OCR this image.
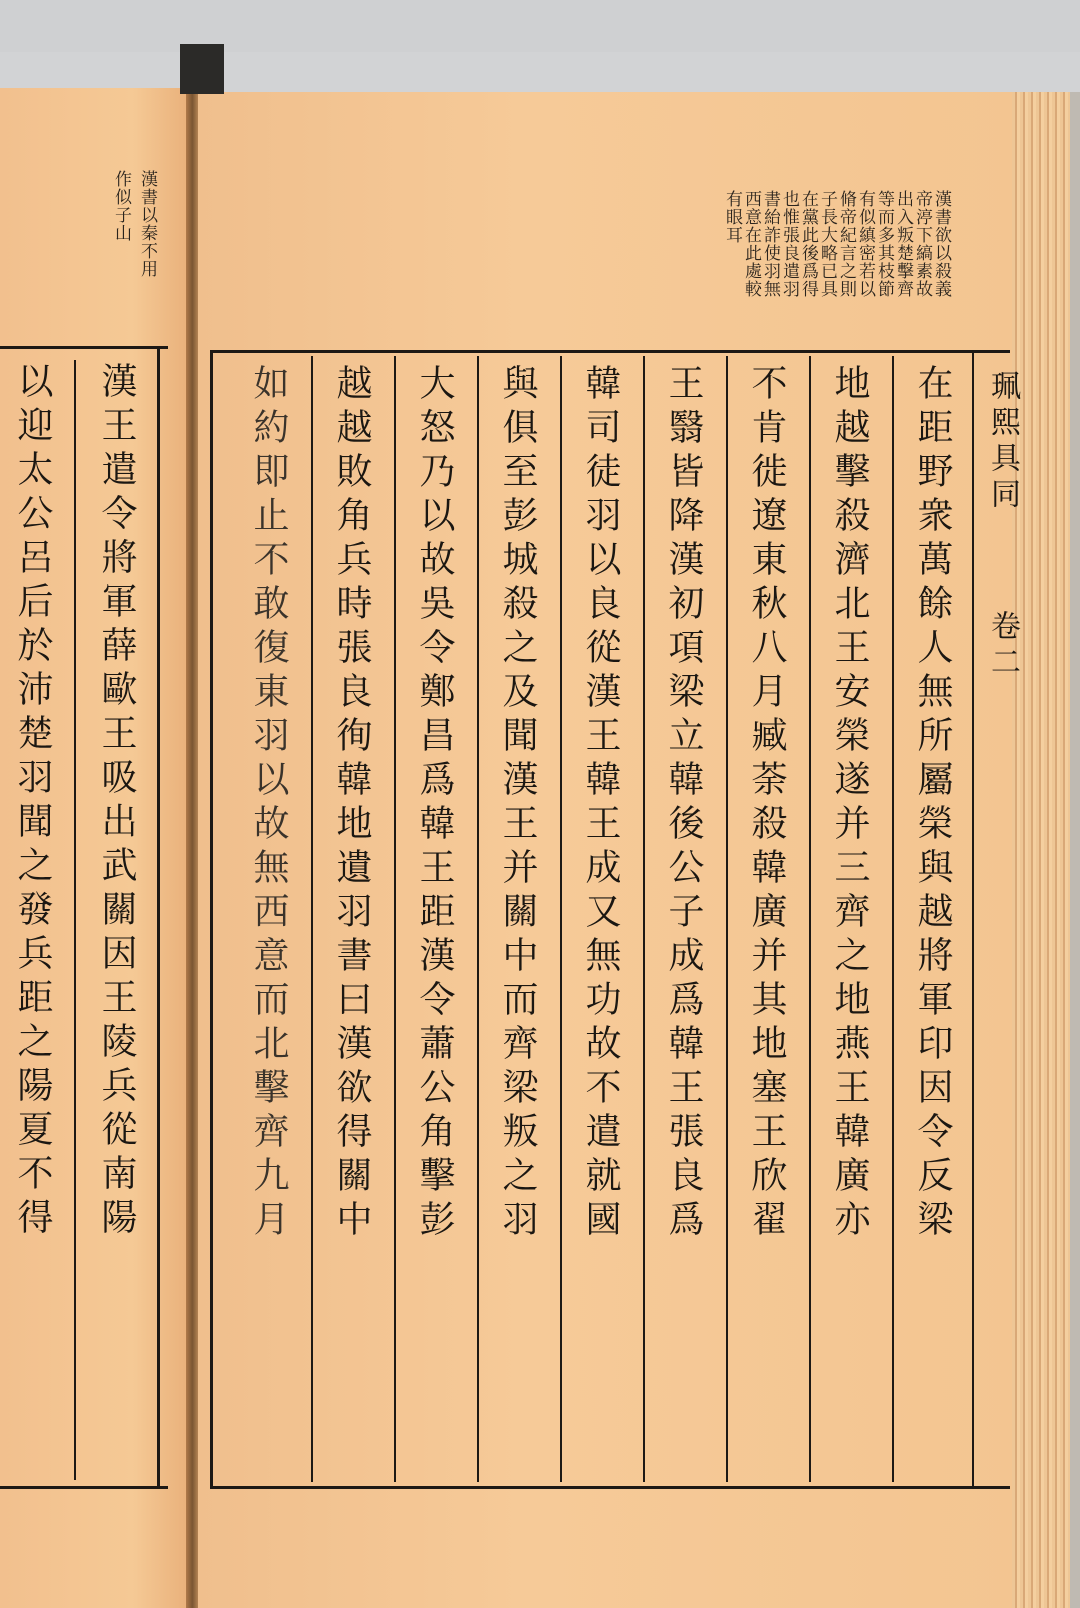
漢書以秦不用
作似子山
漢王遣令將軍薛歐王吸出武關因王陵兵從南陽
以迎太公呂后於沛楚羽聞之發兵距之陽夏不得
漢書欲以殺義
帝渟下縞素故
出入叛楚擊齊
等而多其枝節
有似縝密若以
脩帝紀言之則
子長大略已具
在黨此後爲得
也惟張良遣羽
書紿詐使羽無
西意在此處較
有眼耳
珮熙具同
卷二
在距野衆萬餘人無所屬榮與越將軍印因令反梁
地越擊殺濟北王安榮遂并三齊之地燕王韓廣亦
不肯徙遼東秋八月臧荼殺韓廣并其地塞王欣翟
王翳皆降漢初項梁立韓後公子成爲韓王張良爲
韓司徒羽以良從漢王韓王成又無功故不遣就國
與俱至彭城殺之及聞漢王并關中而齊梁叛之羽
大怒乃以故吳令鄭昌爲韓王距漢令蕭公角擊彭
越越敗角兵時張良徇韓地遺羽書曰漢欲得關中
如約即止不敢復東羽以故無西意而北擊齊九月
